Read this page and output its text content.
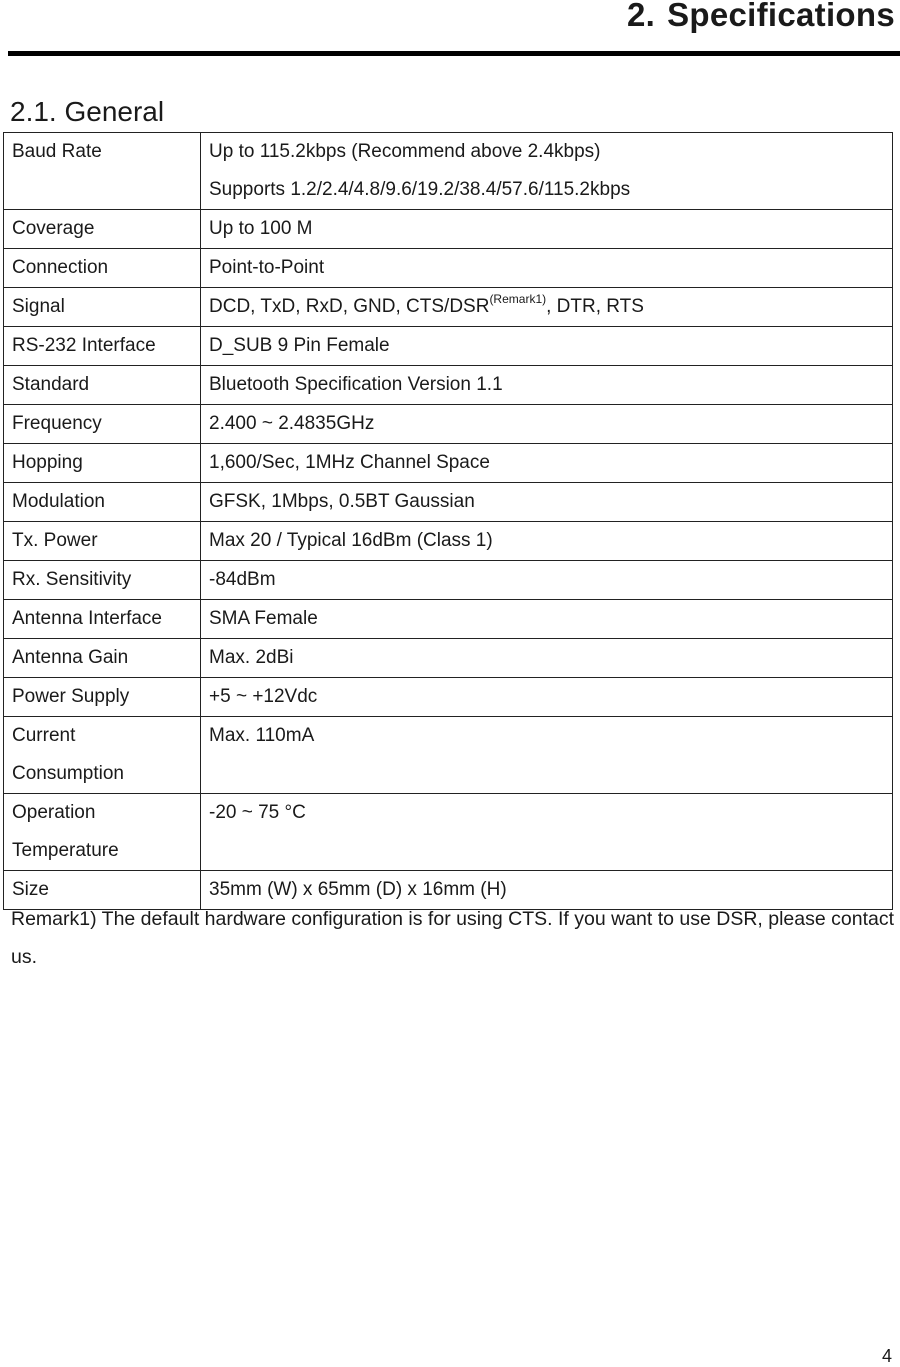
2. Specifications
2.1. General
Baud Rate	Up to 115.2kbps (Recommend above 2.4kbps)
Supports 1.2/2.4/4.8/9.6/19.2/38.4/57.6/115.2kbps

Coverage	Up to 100 M
Connection	Point-to-Point
Signal	DCD, TxD, RxD, GND, CTS/$DSR^{(Remark1)}$, DTR, RTS
RS-232 Interface	D_SUB 9 Pin Female
Standard	Bluetooth Specification Version 1.1
Frequency	2.400 ~ 2.4835GHz
Hopping	1,600/Sec, 1MHz Channel Space
Modulation	GFSK, 1Mbps, 0.5BT Gaussian
Tx. Power	Max 20 / Typical 16dBm (Class 1)
Rx. Sensitivity	-84dBm
Antenna Interface	SMA Female
Antenna Gain	Max. 2dBi
Power Supply	+5 ~ +12Vdc

Current
Consumption	Max. 110mA

Operation
Temperature	-20 ~ 75 °C
Size	35mm (W) x 65mm (D) x 16mm (H)
Remark1) The default hardware configuration is for using CTS. If you want to use DSR, please contact us.
4
